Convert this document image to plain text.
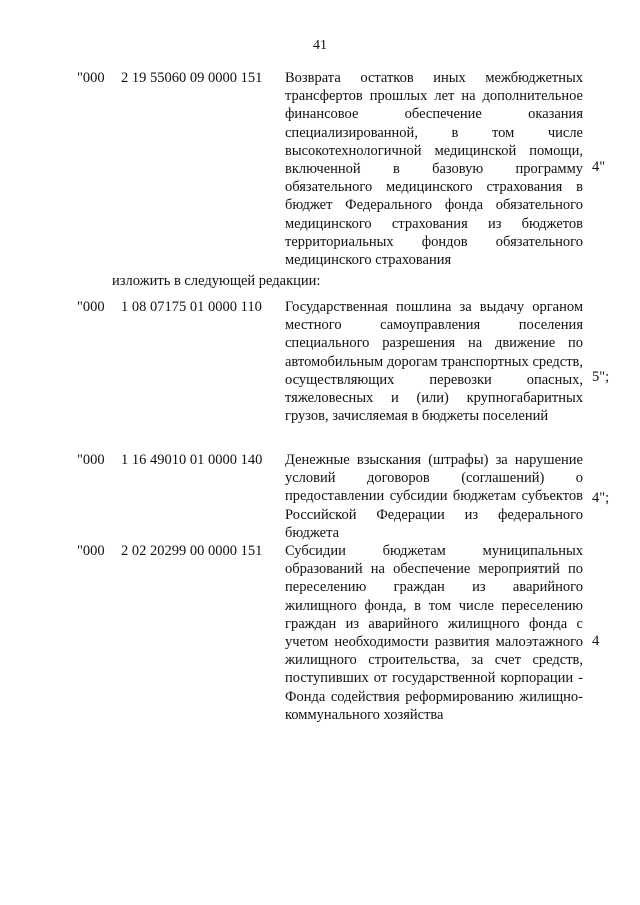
41
"000 2 19 55060 09 0000 151 Возврата остатков иных межбюджетных трансфертов прошлых лет на дополнительное финансовое обеспечение оказания специализированной, в том числе высокотехнологичной медицинской помощи, включенной в базовую программу обязательного медицинского страхования в бюджет Федерального фонда обязательного медицинского страхования из бюджетов территориальных фондов обязательного медицинского страхования
4"
изложить в следующей редакции:
"000 1 08 07175 01 0000 110 Государственная пошлина за выдачу органом местного самоуправления поселения специального разрешения на движение по автомобильным дорогам транспортных средств, осуществляющих перевозки опасных, тяжеловесных и (или) крупногабаритных грузов, зачисляемая в бюджеты поселений
5";
"000 1 16 49010 01 0000 140 Денежные взыскания (штрафы) за нарушение условий договоров (соглашений) о предоставлении субсидии бюджетам субъектов Российской Федерации из федерального бюджета
4";
"000 2 02 20299 00 0000 151 Субсидии бюджетам муниципальных образований на обеспечение мероприятий по переселению граждан из аварийного жилищного фонда, в том числе переселению граждан из аварийного жилищного фонда с учетом необходимости развития малоэтажного жилищного строительства, за счет средств, поступивших от государственной корпорации - Фонда содействия реформированию жилищно-коммунального хозяйства
4
